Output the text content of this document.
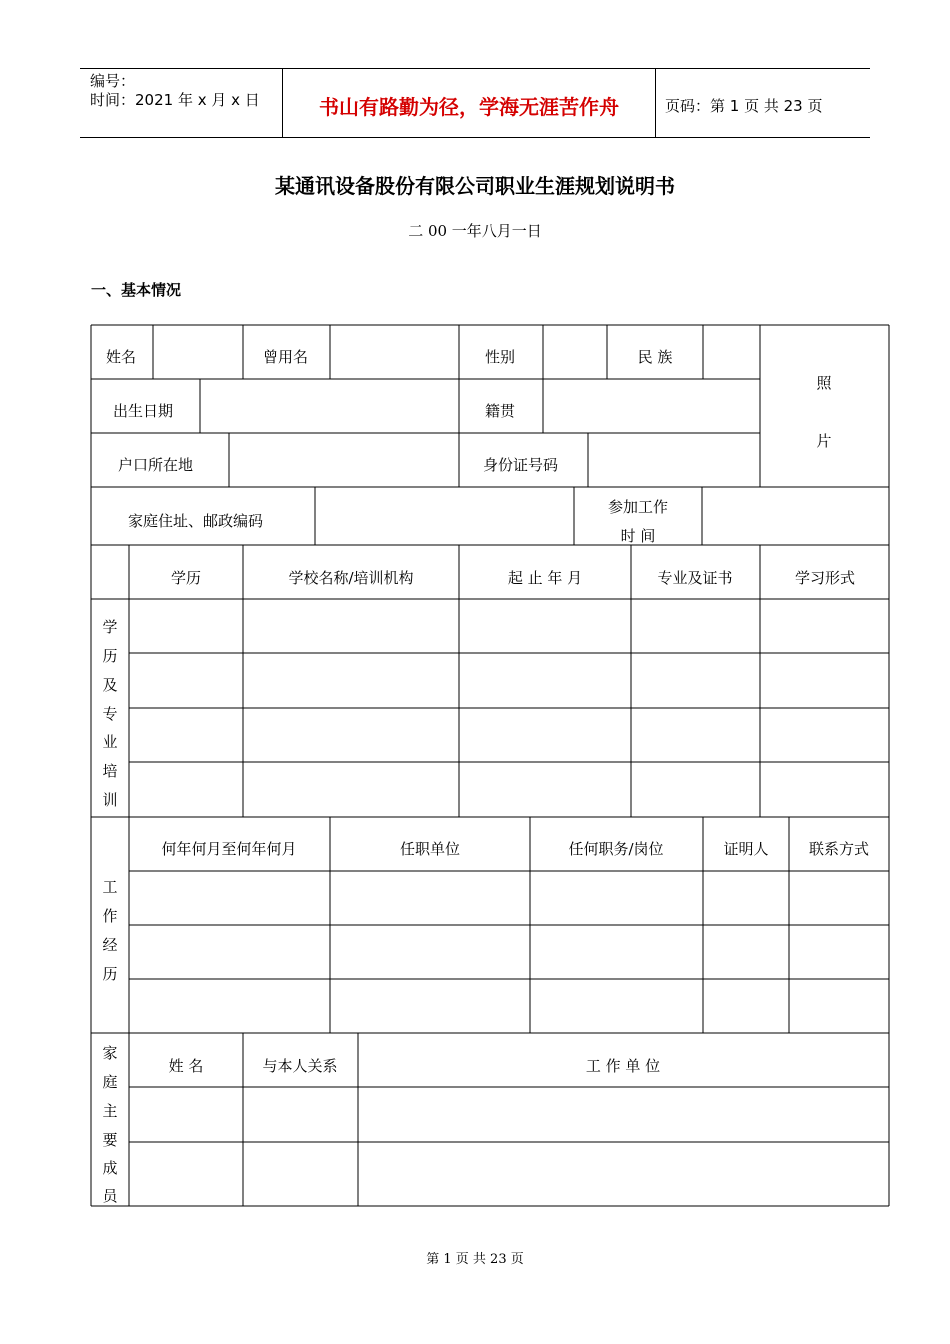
编号：
时间：2021 年 x 月 x 日	书山有路勤为径，学海无涯苦作舟	页码：第 1 页 共 23 页
某通讯设备股份有限公司职业生涯规划说明书
二 00 一年八月一日
一、基本情况
姓名	曾用名	性别	民 族
照
片
出生日期	籍贯
户口所在地	身份证号码
家庭住址、邮政编码
参加工作
时 间
学历	学校名称/培训机构	起 止 年 月	专业及证书	学习形式
学
历
及
专
业
培
训
何年何月至何年何月	任职单位	任何职务/岗位	证明人	联系方式
工
作
经
历
姓 名	与本人关系	工 作 单 位
家
庭
主
要
成
员
第 1 页 共 23 页
